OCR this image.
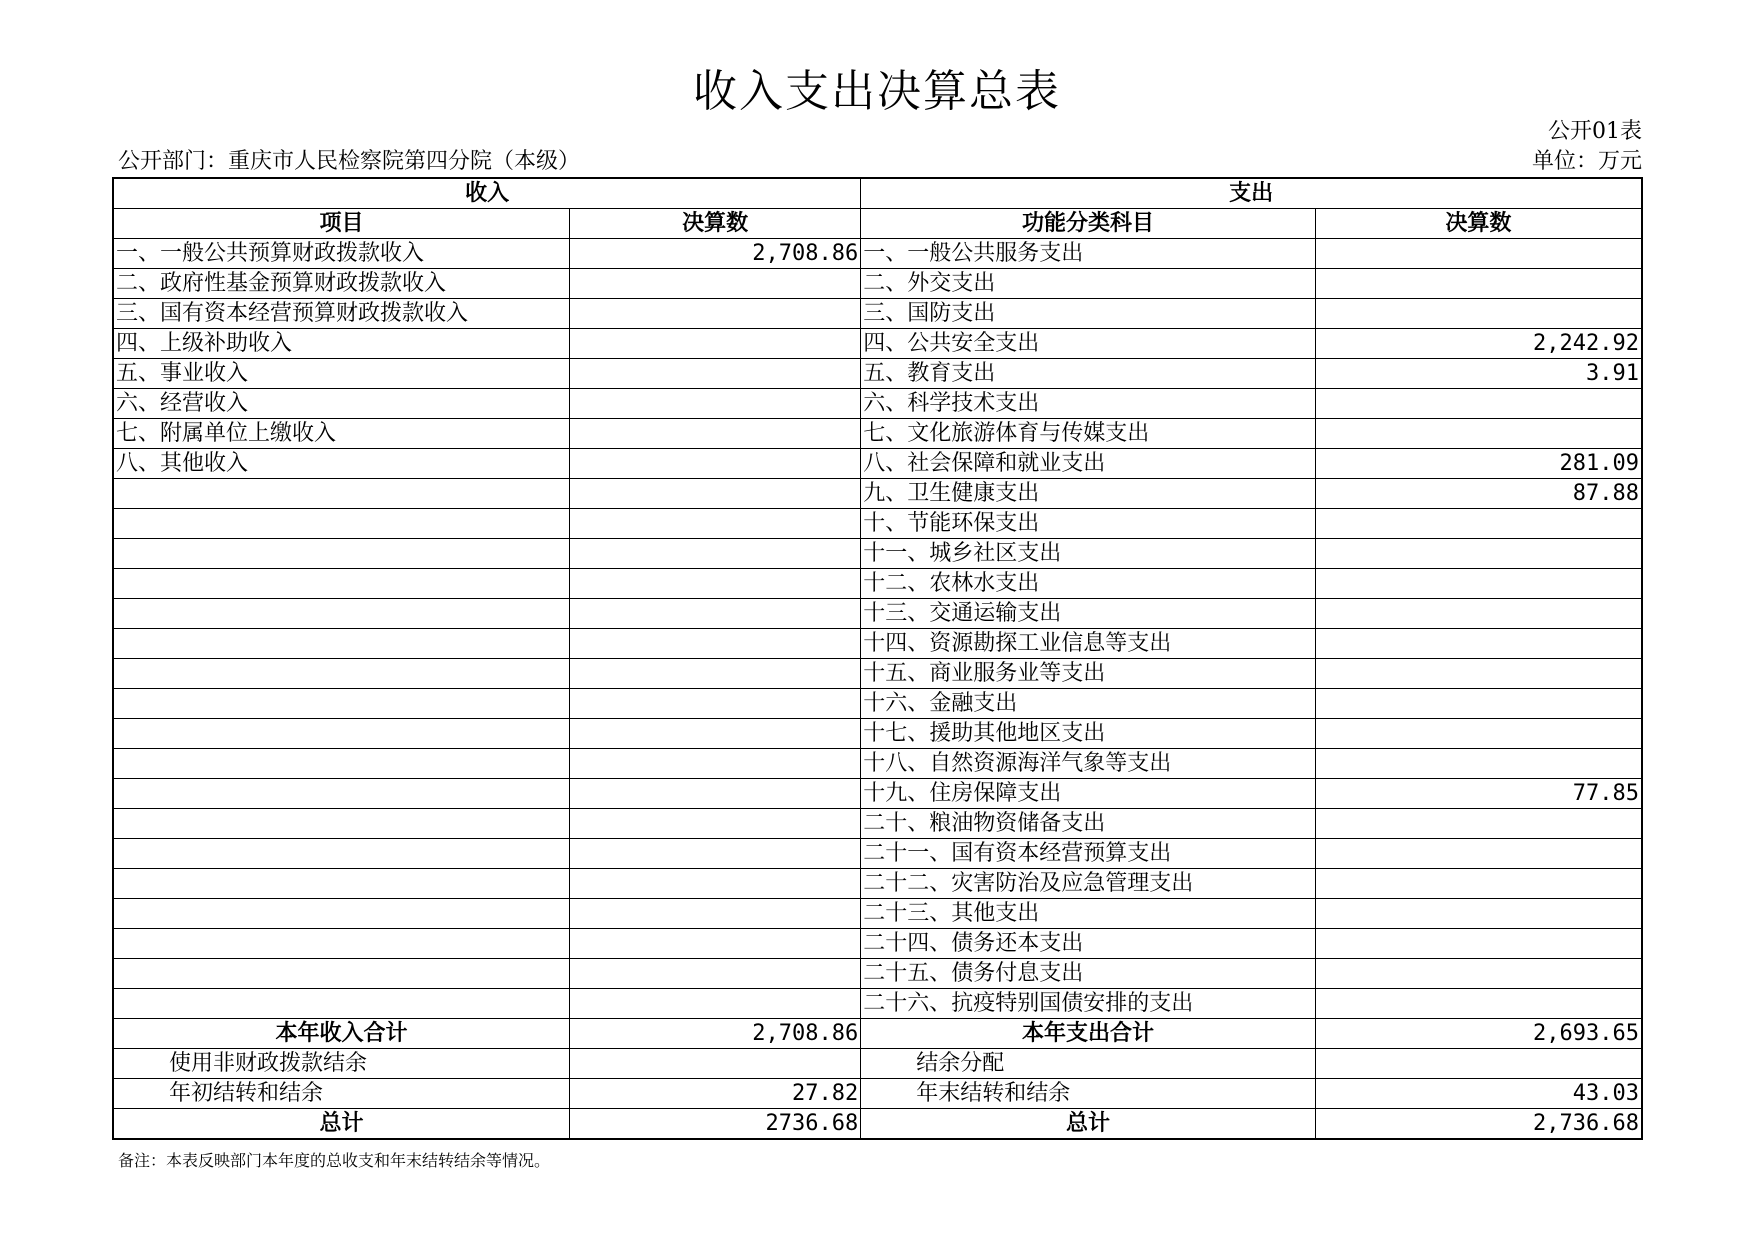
收入支出决算总表
公开01表
公开部门：重庆市人民检察院第四分院（本级）	单位：万元
收入		支出	
项目	决算数	功能分类科目	决算数
一、一般公共预算财政拨款收入	2,708.86	一、一般公共服务支出	
二、政府性基金预算财政拨款收入		二、外交支出	
三、国有资本经营预算财政拨款收入		三、国防支出	
四、上级补助收入		四、公共安全支出	2,242.92
五、事业收入		五、教育支出	3.91
六、经营收入		六、科学技术支出	
七、附属单位上缴收入		七、文化旅游体育与传媒支出	
八、其他收入		八、社会保障和就业支出	281.09
		九、卫生健康支出	87.88
		十、节能环保支出	
		十一、城乡社区支出	
		十二、农林水支出	
		十三、交通运输支出	
		十四、资源勘探工业信息等支出	
		十五、商业服务业等支出	
		十六、金融支出	
		十七、援助其他地区支出	
		十八、自然资源海洋气象等支出	
		十九、住房保障支出	77.85
		二十、粮油物资储备支出	
		二十一、国有资本经营预算支出	
		二十二、灾害防治及应急管理支出	
		二十三、其他支出	
		二十四、债务还本支出	
		二十五、债务付息支出	
		二十六、抗疫特别国债安排的支出	
本年收入合计	2,708.86	本年支出合计	2,693.65
使用非财政拨款结余		结余分配	
年初结转和结余	27.82	年末结转和结余	43.03
总计	2736.68	总计	2,736.68
备注：本表反映部门本年度的总收支和年末结转结余等情况。
